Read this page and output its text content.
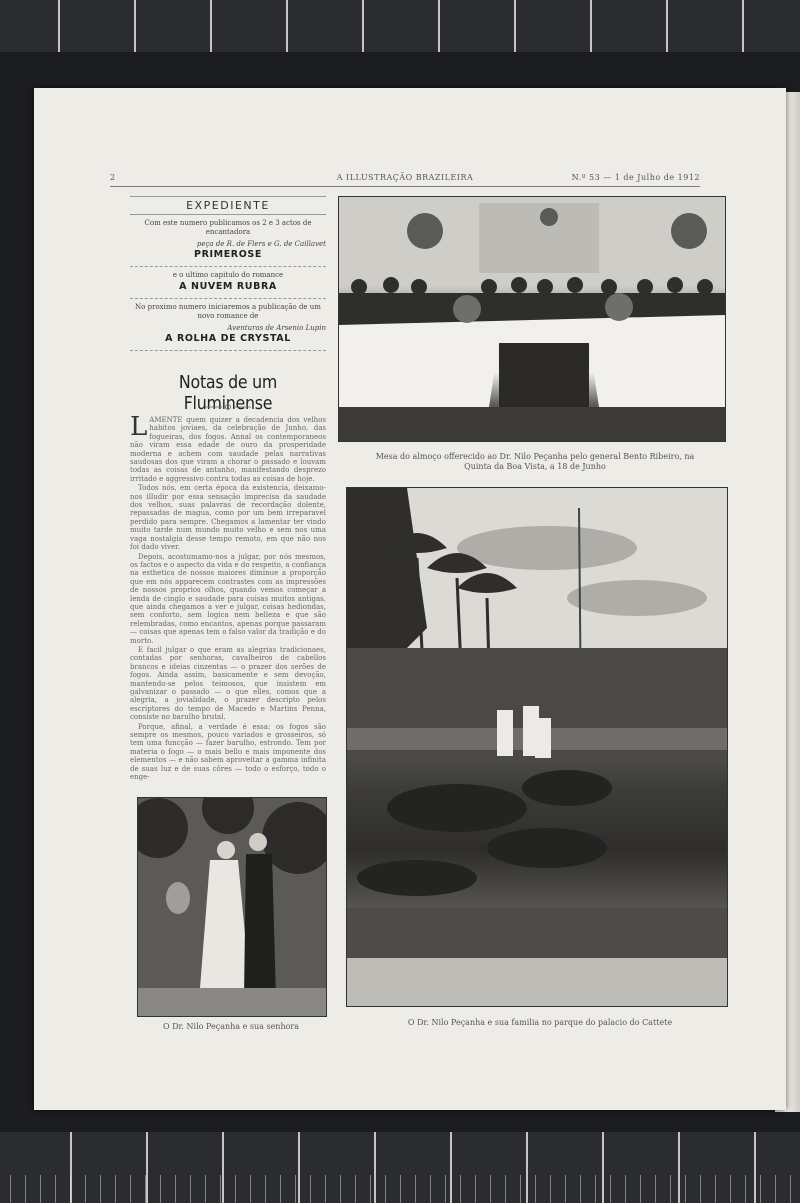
2	A ILLUSTRAÇÃO BRAZILEIRA	N.º 53 — 1 de Julho de 1912
EXPEDIENTE
Com este numero publicamos os 2 e 3 actos de encantadora
peça de R. de Flers e G. de Caillavet
PRIMEROSE
e o ultimo capitulo do romance
A NUVEM RUBRA
No proximo numero iniciaremos a publicação de um novo romance de
Aventuras de Arsenio Lupin
A ROLHA DE CRYSTAL
Notas de um Fluminense
L AMENTE quem quizer a decadencia dos velhos habitos joviaes, da celebração de Junho, das fogueiras, dos fogos. Annal os contemporaneos não viram essa edade de ouro da prosperidade moderna e achem com saudade pelas narrativas saudosas dos que viram a chorar o passado e louvam todas as coisas de antanho, manifestando desprezo irritado e aggressivo contra todas as coisas de hoje.

Todos nós, em certa época da existencia, deixamo-nos illudir por essa sensação imprecisa da saudade dos velhos, suas palavras de recordação dolente, repassadas de magua, como por um bem irreparavel perdido para sempre. Chegamos a lamentar ter vindo muito tarde num mundo muito velho e sem nos uma vaga nostalgia desse tempo remoto, em que não nos foi dado viver.

Depois, acostumamo-nos a julgar, por nós mesmos, os factos e o aspecto da vida e do respeito, a confiança na esthetica de nossos maiores diminue a proporção que em nós apparecem contrastes com as impressões de nossos proprios olhos, quando vemos começar a lenda de cinglo e saudade para coisas muitos antigas, que ainda chegamos a ver e julgar, coisas hediondas, sem conforto, sem logica nem belleza e que são relembradas, como encantos, apenas porque passaram — coisas que apenas tem o falso valor da tradição e do morto.

E facil julgar o que eram as alegrias tradicionaes, contadas por senhoras, cavalheiros de cabellos brancos e ideias cinzentas — o prazer dos serões de fogos. Ainda assim, basicamente e sem devoção, mantendo-se pelos teimosos, que insistem em galvanizar o passado — o que elles, comos que a alegria, a jovialidade, o prazer descripto pelos escriptores do tempo de Macedo e Martins Penna, consiste no barulho brutal.

Porque, afinal, a verdade é essa: os fogos são sempre os mesmos, pouco variados e grosseiros, só tem uma funcção — fazer barulho, estrondo. Tem por materia o fogo — o mais bello e mais imponente dos elementos — e não sabem aproveitar a gamma infinita de suas luz e de suas côres — todo o esforço, todo o enge-

Mesa do almoço offerecido ao Dr. Nilo Peçanha pelo general Bento Ribeiro, na Quinta da Boa Vista, a 18 de Junho
O Dr. Nilo Peçanha e sua familia no parque do palacio do Cattete
O Dr. Nilo Peçanha e sua senhora
